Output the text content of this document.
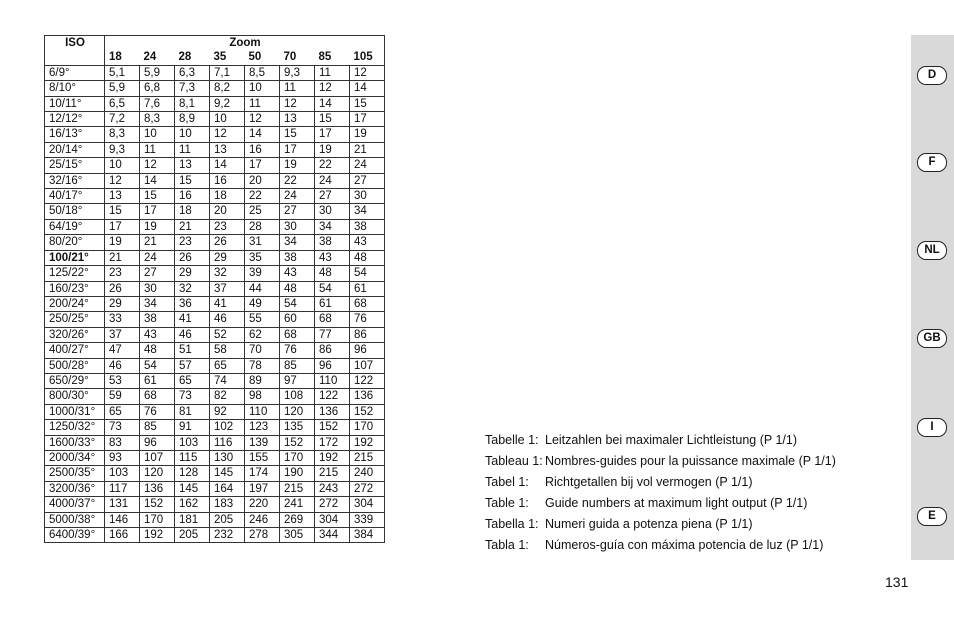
ISO	Zoom							
	18	24	28	35	50	70	85	105
6/9°	5,1	5,9	6,3	7,1	8,5	9,3	11	12
8/10°	5,9	6,8	7,3	8,2	10	11	12	14
10/11°	6,5	7,6	8,1	9,2	11	12	14	15
12/12°	7,2	8,3	8,9	10	12	13	15	17
16/13°	8,3	10	10	12	14	15	17	19
20/14°	9,3	11	11	13	16	17	19	21
25/15°	10	12	13	14	17	19	22	24
32/16°	12	14	15	16	20	22	24	27
40/17°	13	15	16	18	22	24	27	30
50/18°	15	17	18	20	25	27	30	34
64/19°	17	19	21	23	28	30	34	38
80/20°	19	21	23	26	31	34	38	43
100/21°	21	24	26	29	35	38	43	48
125/22°	23	27	29	32	39	43	48	54
160/23°	26	30	32	37	44	48	54	61
200/24°	29	34	36	41	49	54	61	68
250/25°	33	38	41	46	55	60	68	76
320/26°	37	43	46	52	62	68	77	86
400/27°	47	48	51	58	70	76	86	96
500/28°	46	54	57	65	78	85	96	107
650/29°	53	61	65	74	89	97	110	122
800/30°	59	68	73	82	98	108	122	136
1000/31°	65	76	81	92	110	120	136	152
1250/32°	73	85	91	102	123	135	152	170
1600/33°	83	96	103	116	139	152	172	192
2000/34°	93	107	115	130	155	170	192	215
2500/35°	103	120	128	145	174	190	215	240
3200/36°	117	136	145	164	197	215	243	272
4000/37°	131	152	162	183	220	241	272	304
5000/38°	146	170	181	205	246	269	304	339
6400/39°	166	192	205	232	278	305	344	384
Tabelle 1: Leitzahlen bei maximaler Lichtleistung (P 1/1)
Tableau 1: Nombres-guides pour la puissance maximale (P 1/1)
Tabel 1:	Richtgetallen bij vol vermogen (P 1/1)
Table 1:	Guide numbers at maximum light output (P 1/1)
Tabella 1: Numeri guida a potenza piena (P 1/1)
Tabla 1:	Números-guía con máxima potencia de luz (P 1/1)
D
F
NL
GB
I
E
131
